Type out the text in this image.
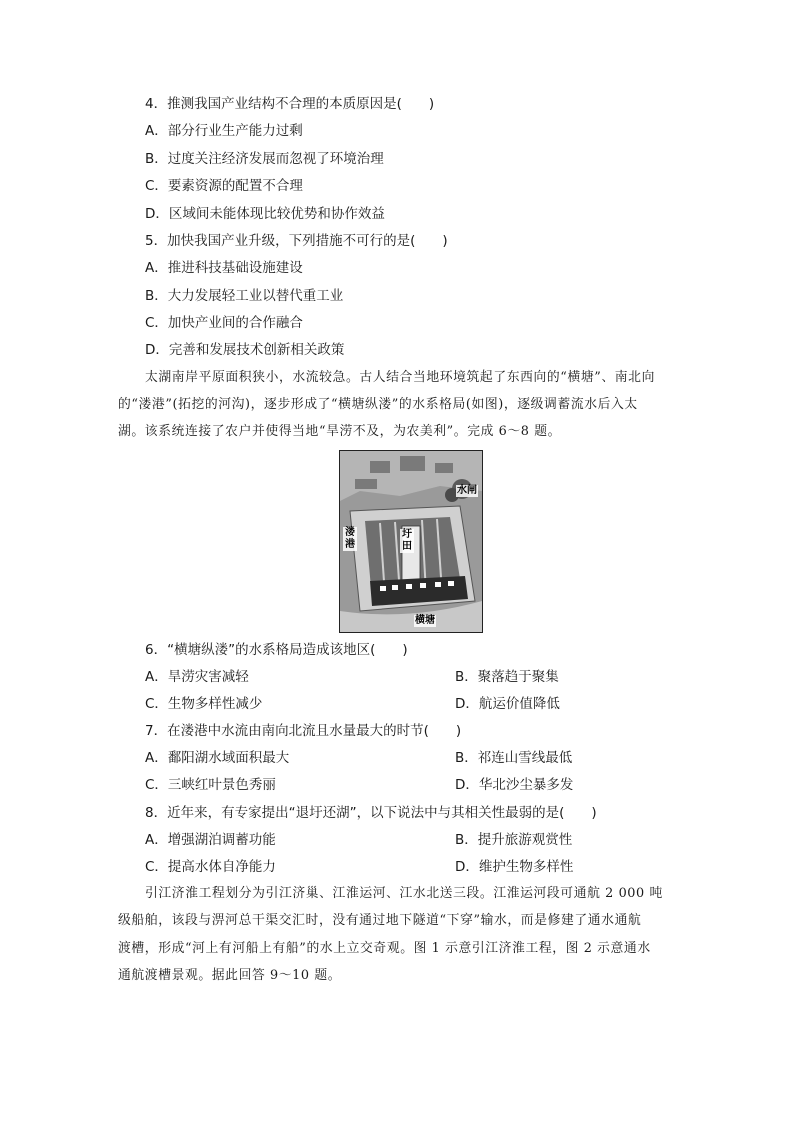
4．推测我国产业结构不合理的本质原因是(　　)
A．部分行业生产能力过剩
B．过度关注经济发展而忽视了环境治理
C．要素资源的配置不合理
D．区域间未能体现比较优势和协作效益
5．加快我国产业升级，下列措施不可行的是(　　)
A．推进科技基础设施建设
B．大力发展轻工业以替代重工业
C．加快产业间的合作融合
D．完善和发展技术创新相关政策
太湖南岸平原面积狭小，水流较急。古人结合当地环境筑起了东西向的“横塘”、南北向
的“溇港”(拓挖的河沟)，逐步形成了“横塘纵溇”的水系格局(如图)，逐级调蓄流水后入太
湖。该系统连接了农户并使得当地“旱涝不及，为农美利”。完成 6～8 题。
水闸
圩田
溇港
横塘
6．“横塘纵溇”的水系格局造成该地区(　　)
A．旱涝灾害减轻	B．聚落趋于聚集
C．生物多样性减少	D．航运价值降低
7．在溇港中水流由南向北流且水量最大的时节(　　)
A．鄱阳湖水域面积最大	B．祁连山雪线最低
C．三峡红叶景色秀丽	D．华北沙尘暴多发
8．近年来，有专家提出“退圩还湖”，以下说法中与其相关性最弱的是(　　)
A．增强湖泊调蓄功能	B．提升旅游观赏性
C．提高水体自净能力	D．维护生物多样性
引江济淮工程划分为引江济巢、江淮运河、江水北送三段。江淮运河段可通航 2 000 吨
级船舶，该段与淠河总干渠交汇时，没有通过地下隧道“下穿”输水，而是修建了通水通航
渡槽，形成“河上有河船上有船”的水上立交奇观。图 1 示意引江济淮工程，图 2 示意通水
通航渡槽景观。据此回答 9～10 题。
